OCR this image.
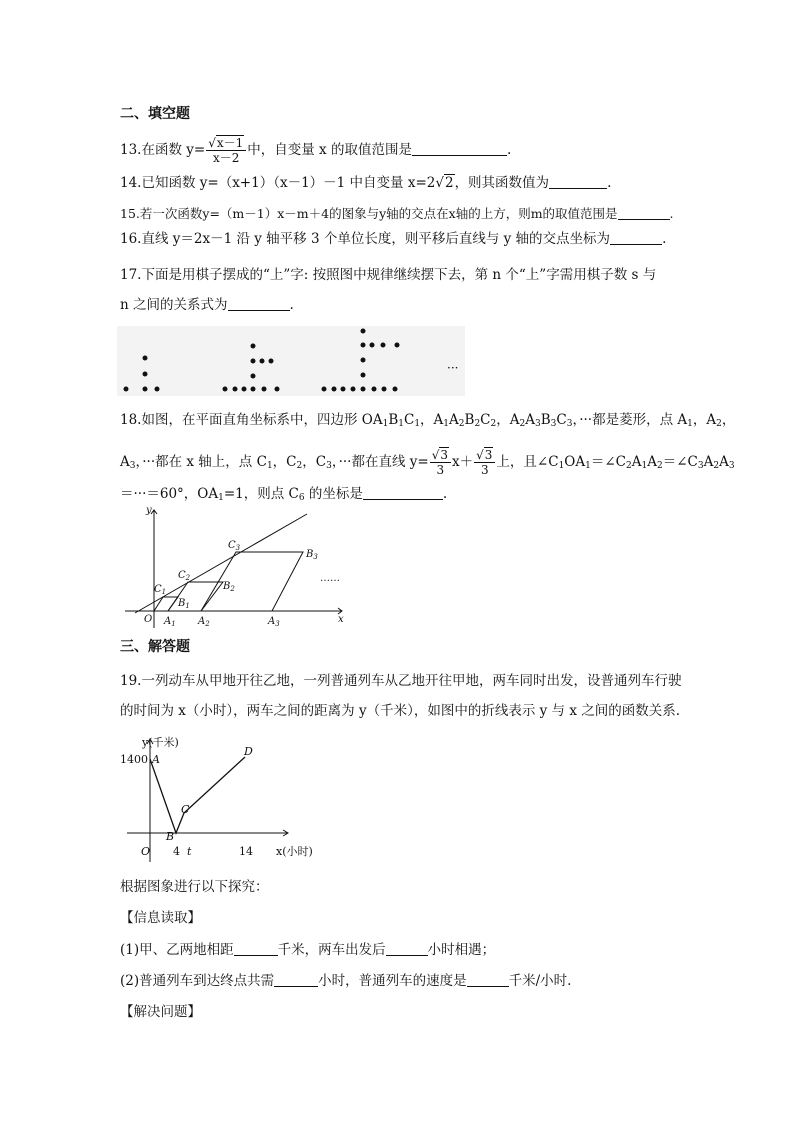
二、填空题
13.在函数 $y= \frac{√x-1}{x-2}$ 中，自变量 x 的取值范围是	.
14.已知函数 y=（x+1）（x－1）－1 中自变量 x=2√2，则其函数值为	.
15.若一次函数y=（m－1）x－m＋4的图象与y轴的交点在x轴的上方，则m的取值范围是	.
16.直线 y＝2x－1 沿 y 轴平移 3 个单位长度，则平移后直线与 y 轴的交点坐标为	.
17.下面是用棋子摆成的“上”字: 按照图中规律继续摆下去，第 n 个“上”字需用棋子数 s 与
n 之间的关系式为	.
···
18.如图，在平面直角坐标系中，四边形 $OA_1B_1C_1$，$A_1A_2B_2C_2$，$A_2A_3B_3C_3$，···都是菱形，点 $A_1$，$A_2$，
$A_3$，···都在 x 轴上，点 $C_1$，$C_2$，$C_3$，···都在直线 $y= \frac{√3}{3} x+ \frac{√3}{3}$ 上，且$\angle C_1OA_1=\angle C_2A_1A_2=\angle C_3A_2A_3$
＝···＝60°，$OA_1=1$，则点 $C_6$ 的坐标是	.
y
x
O
$C_1$
$C_2$
$C_3$
$B_1$
$B_2$
$B_3$
$A_1$ $A_2$	$A_3$
……
三、解答题
19.一列动车从甲地开往乙地，一列普通列车从乙地开往甲地，两车同时出发，设普通列车行驶
的时间为 x（小时），两车之间的距离为 y（千米），如图中的折线表示 y 与 x 之间的函数关系.
y(千米)
x(小时)
1400
O
A
B
C
D
4 t	14
根据图象进行以下探究：
【信息读取】
(1)甲、乙两地相距	千米，两车出发后	小时相遇；
(2)普通列车到达终点共需	小时，普通列车的速度是	千米/小时.
【解决问题】
